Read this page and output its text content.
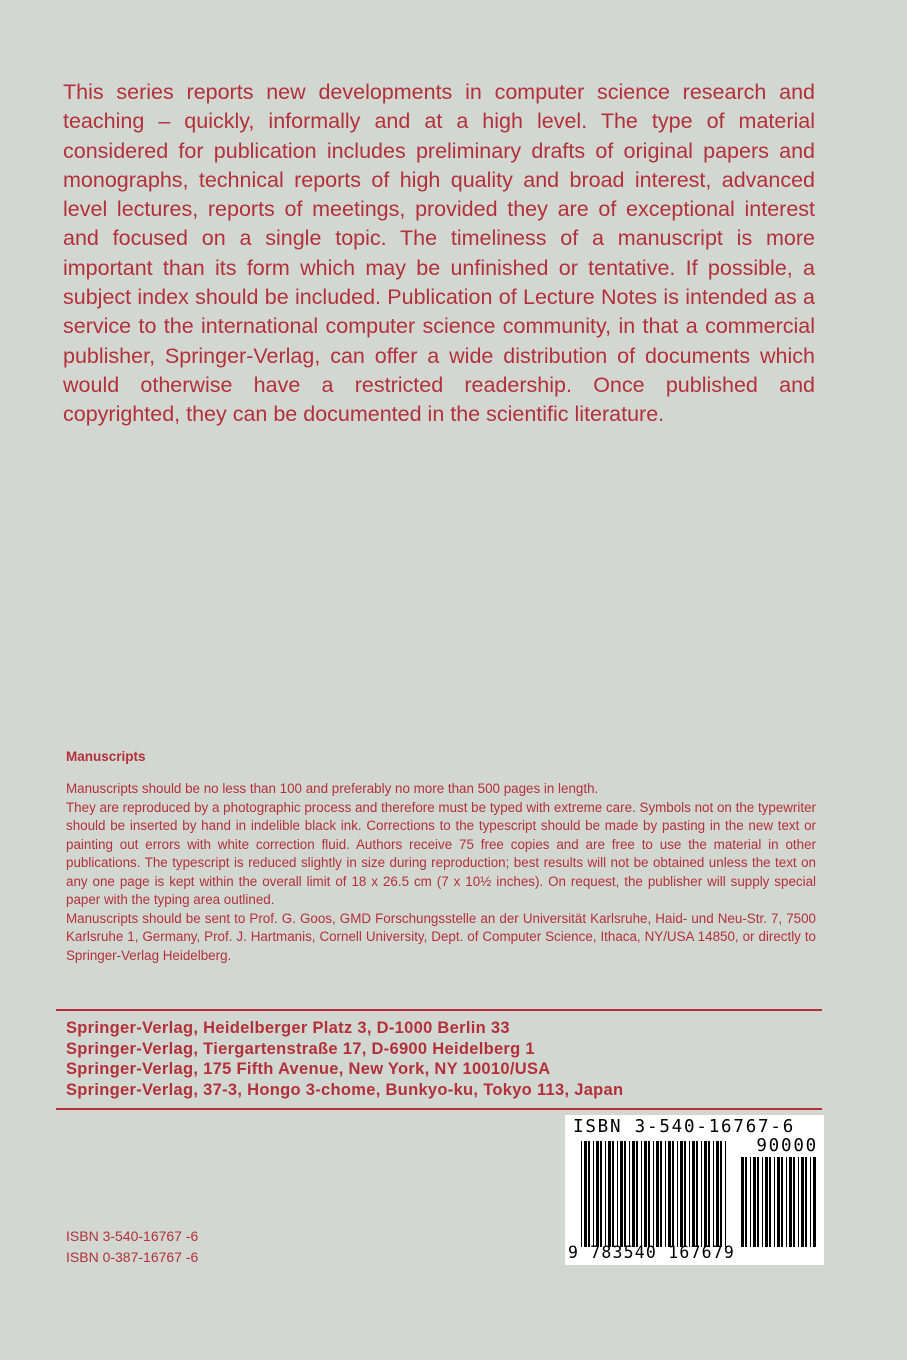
This series reports new developments in computer science research and teaching – quickly, informally and at a high level. The type of material considered for publication includes preliminary drafts of original papers and monographs, technical reports of high quality and broad interest, advanced level lectures, reports of meetings, provided they are of exceptional interest and focused on a single topic. The timeliness of a manuscript is more important than its form which may be unfinished or tentative. If possible, a subject index should be included. Publication of Lecture Notes is intended as a service to the international computer science community, in that a commercial publisher, Springer-Verlag, can offer a wide distribution of documents which would otherwise have a restricted readership. Once published and copyrighted, they can be documented in the scientific literature.

Manuscripts

Manuscripts should be no less than 100 and preferably no more than 500 pages in length.

They are reproduced by a photographic process and therefore must be typed with extreme care. Symbols not on the typewriter should be inserted by hand in indelible black ink. Corrections to the typescript should be made by pasting in the new text or painting out errors with white correction fluid. Authors receive 75 free copies and are free to use the material in other publications. The typescript is reduced slightly in size during reproduction; best results will not be obtained unless the text on any one page is kept within the overall limit of 18 x 26.5 cm (7 x 10½ inches). On request, the publisher will supply special paper with the typing area outlined.

Manuscripts should be sent to Prof. G. Goos, GMD Forschungsstelle an der Universität Karlsruhe, Haid- und Neu-Str. 7, 7500 Karlsruhe 1, Germany, Prof. J. Hartmanis, Cornell University, Dept. of Computer Science, Ithaca, NY/USA 14850, or directly to Springer-Verlag Heidelberg.

Springer-Verlag, Heidelberger Platz 3, D-1000 Berlin 33
Springer-Verlag, Tiergartenstraße 17, D-6900 Heidelberg 1
Springer-Verlag, 175 Fifth Avenue, New York, NY 10010/USA
Springer-Verlag, 37-3, Hongo 3-chome, Bunkyo-ku, Tokyo 113, Japan
ISBN 3-540-16767 -6
ISBN 0-387-16767 -6
ISBN 3-540-16767-6
90000
9 783540 167679
